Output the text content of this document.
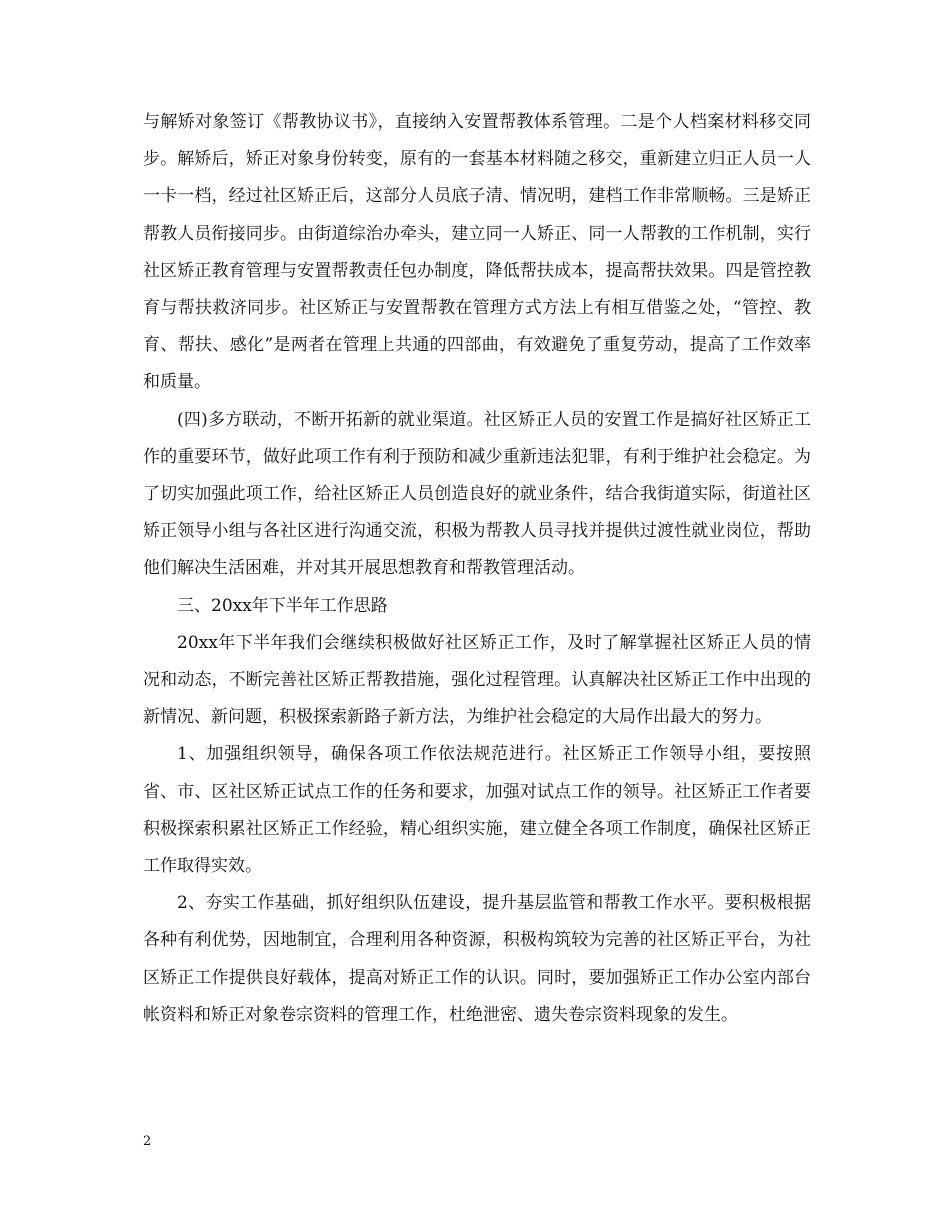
与解矫对象签订《帮教协议书》，直接纳入安置帮教体系管理。二是个人档案材料移交同步。解矫后，矫正对象身份转变，原有的一套基本材料随之移交，重新建立归正人员一人一卡一档，经过社区矫正后，这部分人员底子清、情况明，建档工作非常顺畅。三是矫正帮教人员衔接同步。由街道综治办牵头，建立同一人矫正、同一人帮教的工作机制，实行社区矫正教育管理与安置帮教责任包办制度，降低帮扶成本，提高帮扶效果。四是管控教育与帮扶救济同步。社区矫正与安置帮教在管理方式方法上有相互借鉴之处，“管控、教育、帮扶、感化”是两者在管理上共通的四部曲，有效避免了重复劳动，提高了工作效率和质量。

(四)多方联动，不断开拓新的就业渠道。社区矫正人员的安置工作是搞好社区矫正工作的重要环节，做好此项工作有利于预防和减少重新违法犯罪，有利于维护社会稳定。为了切实加强此项工作，给社区矫正人员创造良好的就业条件，结合我街道实际，街道社区矫正领导小组与各社区进行沟通交流，积极为帮教人员寻找并提供过渡性就业岗位，帮助他们解决生活困难，并对其开展思想教育和帮教管理活动。

三、20xx年下半年工作思路

20xx年下半年我们会继续积极做好社区矫正工作，及时了解掌握社区矫正人员的情况和动态，不断完善社区矫正帮教措施，强化过程管理。认真解决社区矫正工作中出现的新情况、新问题，积极探索新路子新方法，为维护社会稳定的大局作出最大的努力。

1、加强组织领导，确保各项工作依法规范进行。社区矫正工作领导小组，要按照省、市、区社区矫正试点工作的任务和要求，加强对试点工作的领导。社区矫正工作者要积极探索积累社区矫正工作经验，精心组织实施，建立健全各项工作制度，确保社区矫正工作取得实效。

2、夯实工作基础，抓好组织队伍建设，提升基层监管和帮教工作水平。要积极根据各种有利优势，因地制宜，合理利用各种资源，积极构筑较为完善的社区矫正平台，为社区矫正工作提供良好载体，提高对矫正工作的认识。同时，要加强矫正工作办公室内部台帐资料和矫正对象卷宗资料的管理工作，杜绝泄密、遗失卷宗资料现象的发生。

2
